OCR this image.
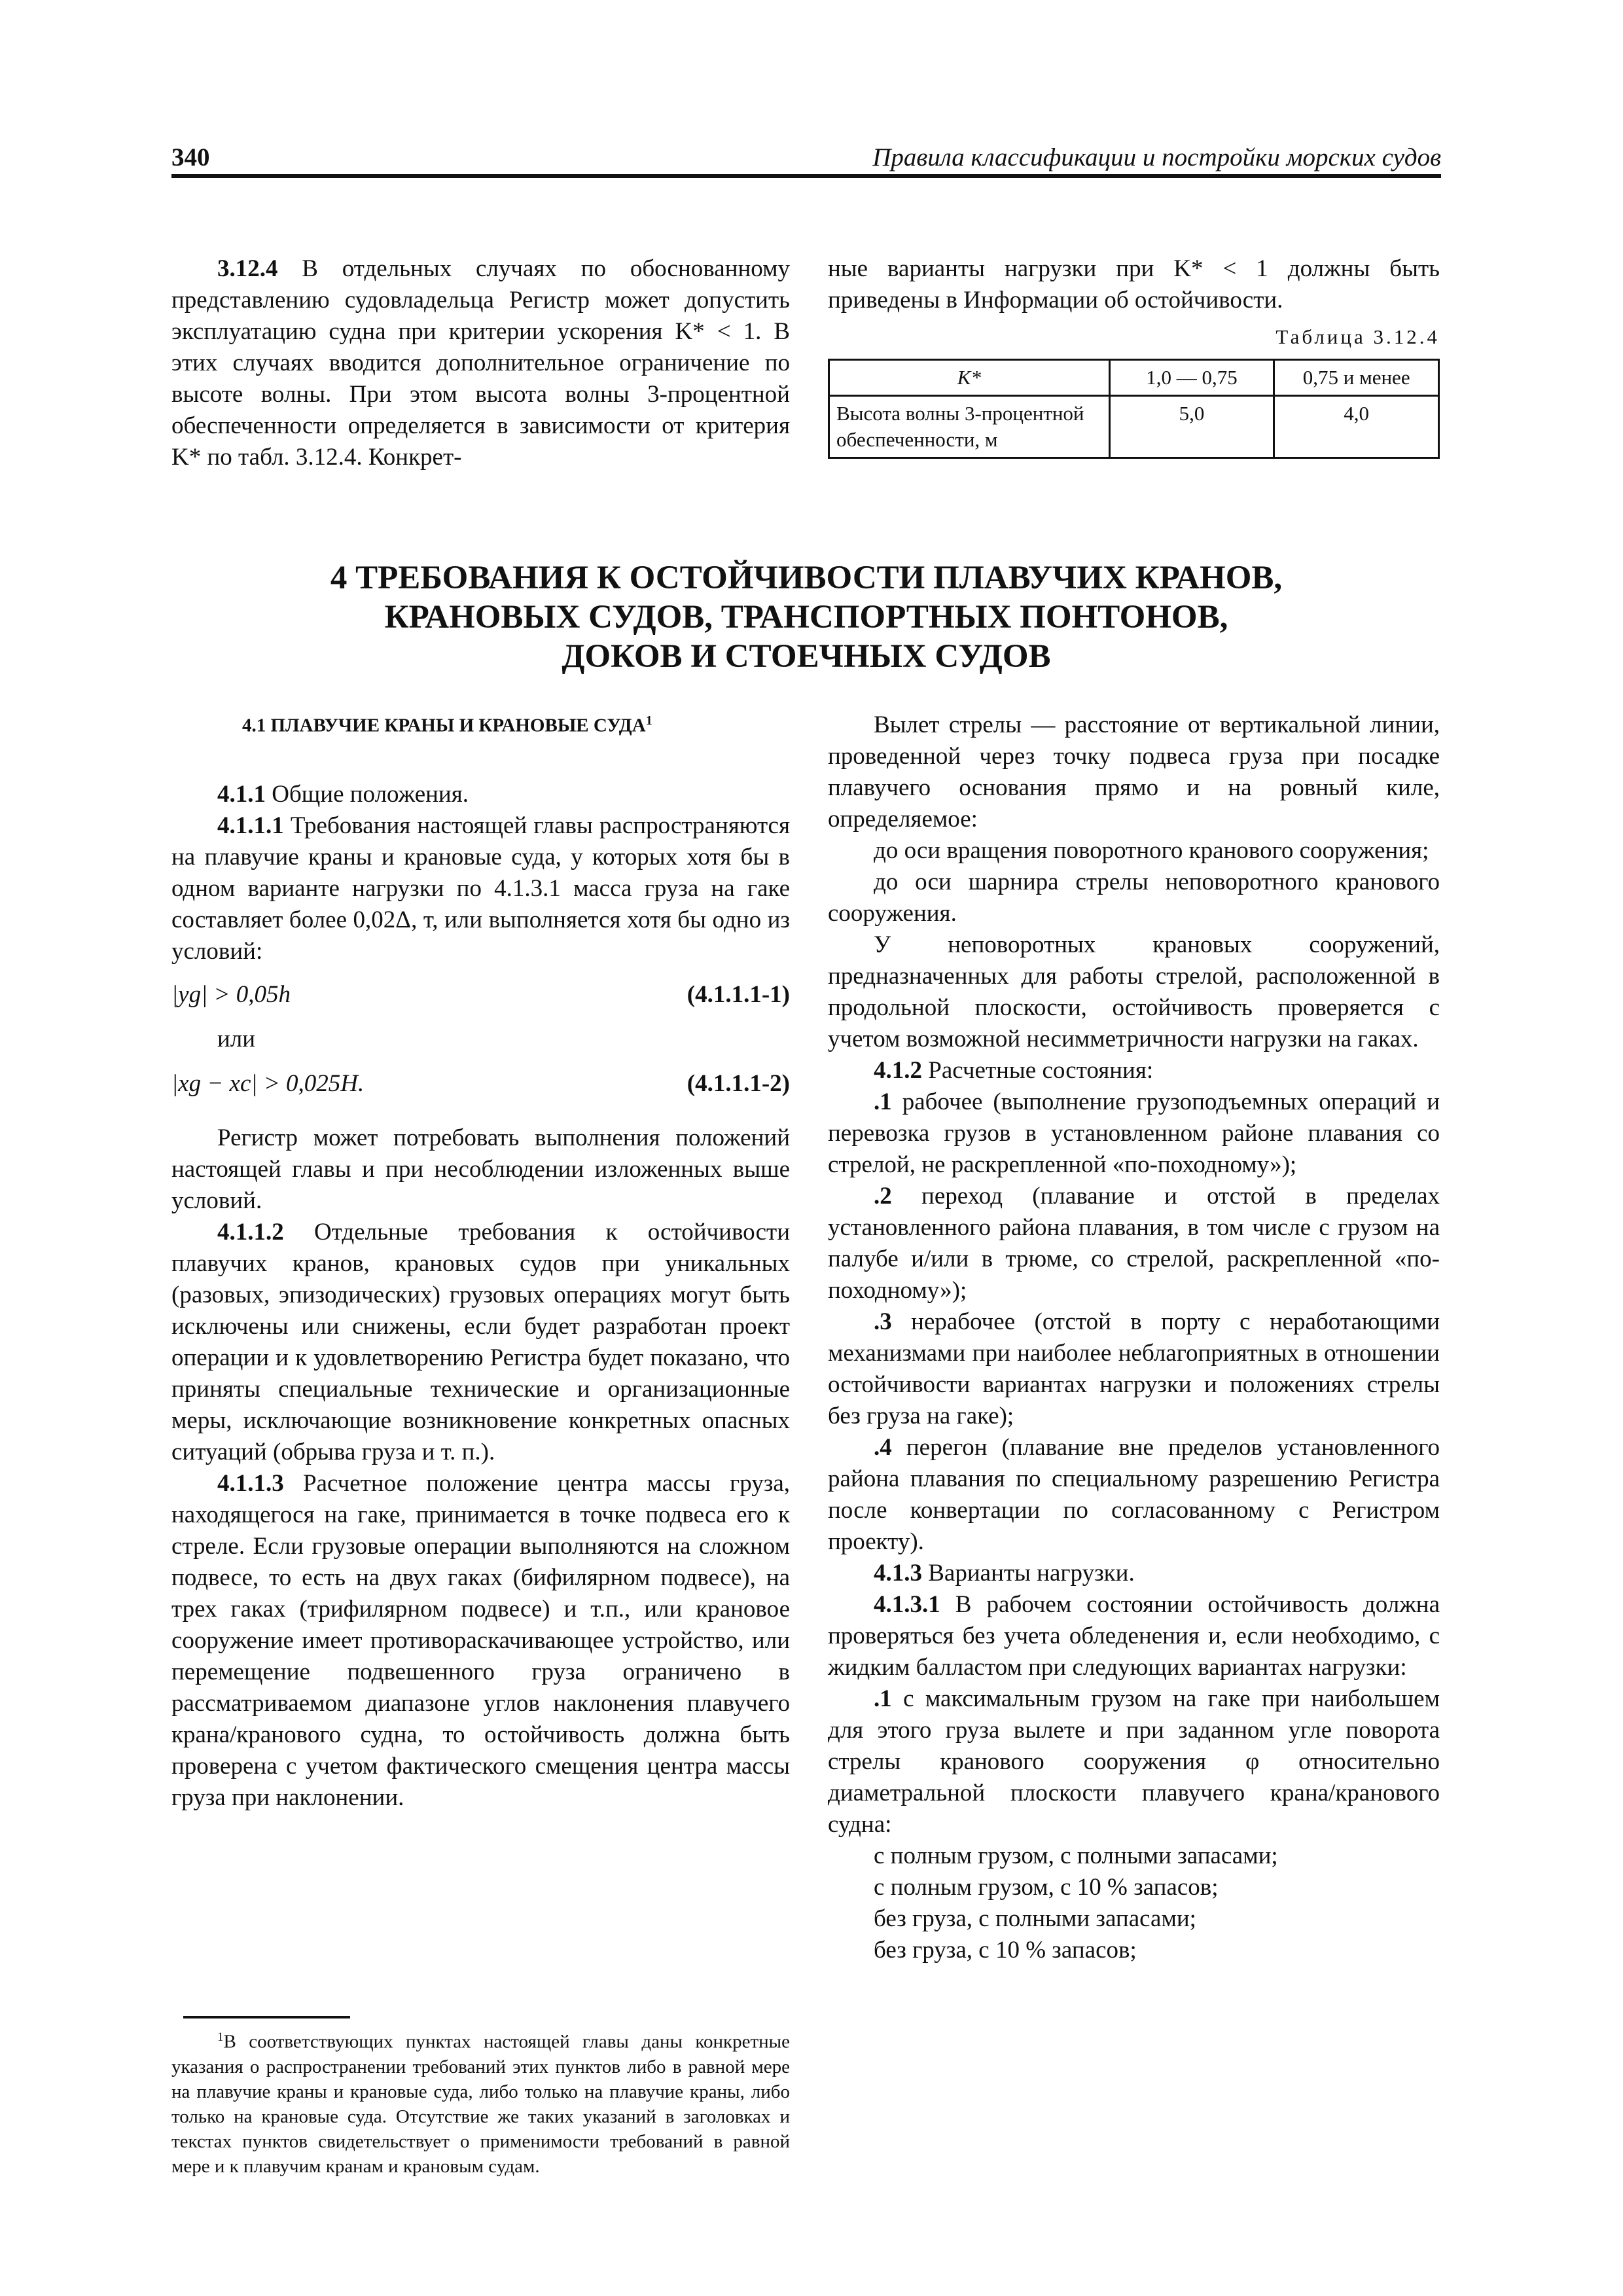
340	Правила классификации и постройки морских судов

3.12.4 В отдельных случаях по обоснованному представлению судовладельца Регистр может допустить эксплуатацию судна при критерии ускорения K* < 1. В этих случаях вводится дополнительное ограничение по высоте волны. При этом высота волны 3-процентной обеспеченности определяется в зависимости от критерия K* по табл. 3.12.4. Конкрет-

ные варианты нагрузки при K* < 1 должны быть приведены в Информации об остойчивости.

Таблица 3.12.4
K*	1,0 — 0,75	0,75 и менее
Высота волны 3-процентной обеспеченности, м	5,0	4,0
4 ТРЕБОВАНИЯ К ОСТОЙЧИВОСТИ ПЛАВУЧИХ КРАНОВ,
КРАНОВЫХ СУДОВ, ТРАНСПОРТНЫХ ПОНТОНОВ,
ДОКОВ И СТОЕЧНЫХ СУДОВ
4.1 ПЛАВУЧИЕ КРАНЫ И КРАНОВЫЕ СУДА$^1$

4.1.1 Общие положения.

4.1.1.1 Требования настоящей главы распространяются на плавучие краны и крановые суда, у которых хотя бы в одном варианте нагрузки по 4.1.3.1 масса груза на гаке составляет более 0,02Δ, т, или выполняется хотя бы одно из условий:

|yg| > 0,05h	(4.1.1.1-1)
или
|xg − xc| > 0,025H.	(4.1.1.1-2)

Регистр может потребовать выполнения положений настоящей главы и при несоблюдении изложенных выше условий.

4.1.1.2 Отдельные требования к остойчивости плавучих кранов, крановых судов при уникальных (разовых, эпизодических) грузовых операциях могут быть исключены или снижены, если будет разработан проект операции и к удовлетворению Регистра будет показано, что приняты специальные технические и организационные меры, исключающие возникновение конкретных опасных ситуаций (обрыва груза и т. п.).

4.1.1.3 Расчетное положение центра массы груза, находящегося на гаке, принимается в точке подвеса его к стреле. Если грузовые операции выполняются на сложном подвесе, то есть на двух гаках (бифилярном подвесе), на трех гаках (трифилярном подвесе) и т.п., или крановое сооружение имеет противораскачивающее устройство, или перемещение подвешенного груза ограничено в рассматриваемом диапазоне углов наклонения плавучего крана/кранового судна, то остойчивость должна быть проверена с учетом фактического смещения центра массы груза при наклонении.

$^1$В соответствующих пунктах настоящей главы даны конкретные указания о распространении требований этих пунктов либо в равной мере на плавучие краны и крановые суда, либо только на плавучие краны, либо только на крановые суда. Отсутствие же таких указаний в заголовках и текстах пунктов свидетельствует о применимости требований в равной мере и к плавучим кранам и крановым судам.

Вылет стрелы — расстояние от вертикальной линии, проведенной через точку подвеса груза при посадке плавучего основания прямо и на ровный киле, определяемое:

до оси вращения поворотного кранового сооружения;

до оси шарнира стрелы неповоротного кранового сооружения.

У неповоротных крановых сооружений, предназначенных для работы стрелой, расположенной в продольной плоскости, остойчивость проверяется с учетом возможной несимметричности нагрузки на гаках.

4.1.2 Расчетные состояния:

.1 рабочее (выполнение грузоподъемных операций и перевозка грузов в установленном районе плавания со стрелой, не раскрепленной «по-походному»);

.2 переход (плавание и отстой в пределах установленного района плавания, в том числе с грузом на палубе и/или в трюме, со стрелой, раскрепленной «по-походному»);

.3 нерабочее (отстой в порту с неработающими механизмами при наиболее неблагоприятных в отношении остойчивости вариантах нагрузки и положениях стрелы без груза на гаке);

.4 перегон (плавание вне пределов установленного района плавания по специальному разрешению Регистра после конвертации по согласованному с Регистром проекту).

4.1.3 Варианты нагрузки.

4.1.3.1 В рабочем состоянии остойчивость должна проверяться без учета обледенения и, если необходимо, с жидким балластом при следующих вариантах нагрузки:

.1 с максимальным грузом на гаке при наибольшем для этого груза вылете и при заданном угле поворота стрелы кранового сооружения φ относительно диаметральной плоскости плавучего крана/кранового судна:

с полным грузом, с полными запасами;

с полным грузом, с 10 % запасов;

без груза, с полными запасами;

без груза, с 10 % запасов;
